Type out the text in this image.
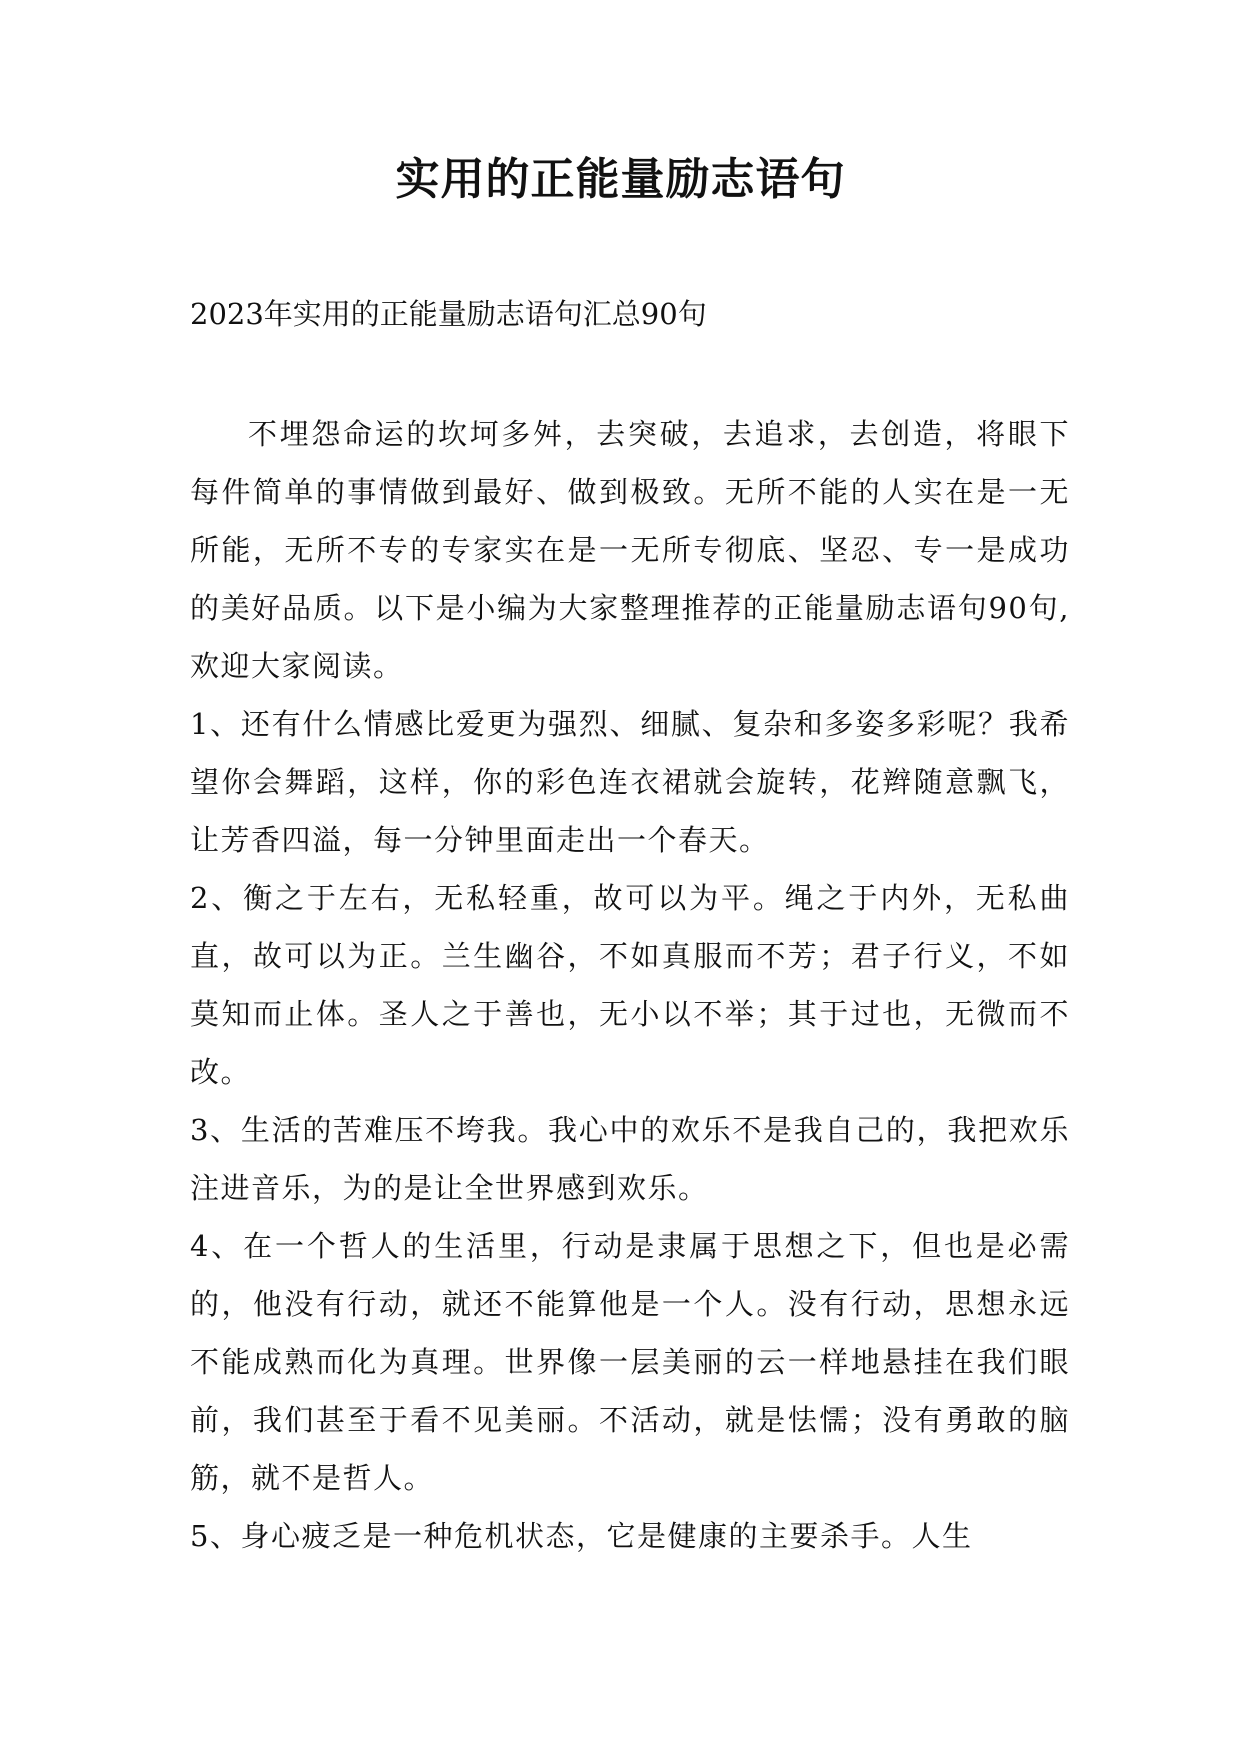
实用的正能量励志语句
2023年实用的正能量励志语句汇总90句

不埋怨命运的坎坷多舛，去突破，去追求，去创造，将眼下每件简单的事情做到最好、做到极致。无所不能的人实在是一无所能，无所不专的专家实在是一无所专彻底、坚忍、专一是成功的美好品质。以下是小编为大家整理推荐的正能量励志语句90句,欢迎大家阅读。

1、还有什么情感比爱更为强烈、细腻、复杂和多姿多彩呢？我希望你会舞蹈，这样，你的彩色连衣裙就会旋转，花辫随意飘飞，让芳香四溢，每一分钟里面走出一个春天。

2、衡之于左右，无私轻重，故可以为平。绳之于内外，无私曲直，故可以为正。兰生幽谷，不如真服而不芳；君子行义，不如莫知而止体。圣人之于善也，无小以不举；其于过也，无微而不改。

3、生活的苦难压不垮我。我心中的欢乐不是我自己的，我把欢乐注进音乐，为的是让全世界感到欢乐。

4、在一个哲人的生活里，行动是隶属于思想之下，但也是必需的，他没有行动，就还不能算他是一个人。没有行动，思想永远不能成熟而化为真理。世界像一层美丽的云一样地悬挂在我们眼前，我们甚至于看不见美丽。不活动，就是怯懦；没有勇敢的脑筋，就不是哲人。

5、身心疲乏是一种危机状态，它是健康的主要杀手。人生
